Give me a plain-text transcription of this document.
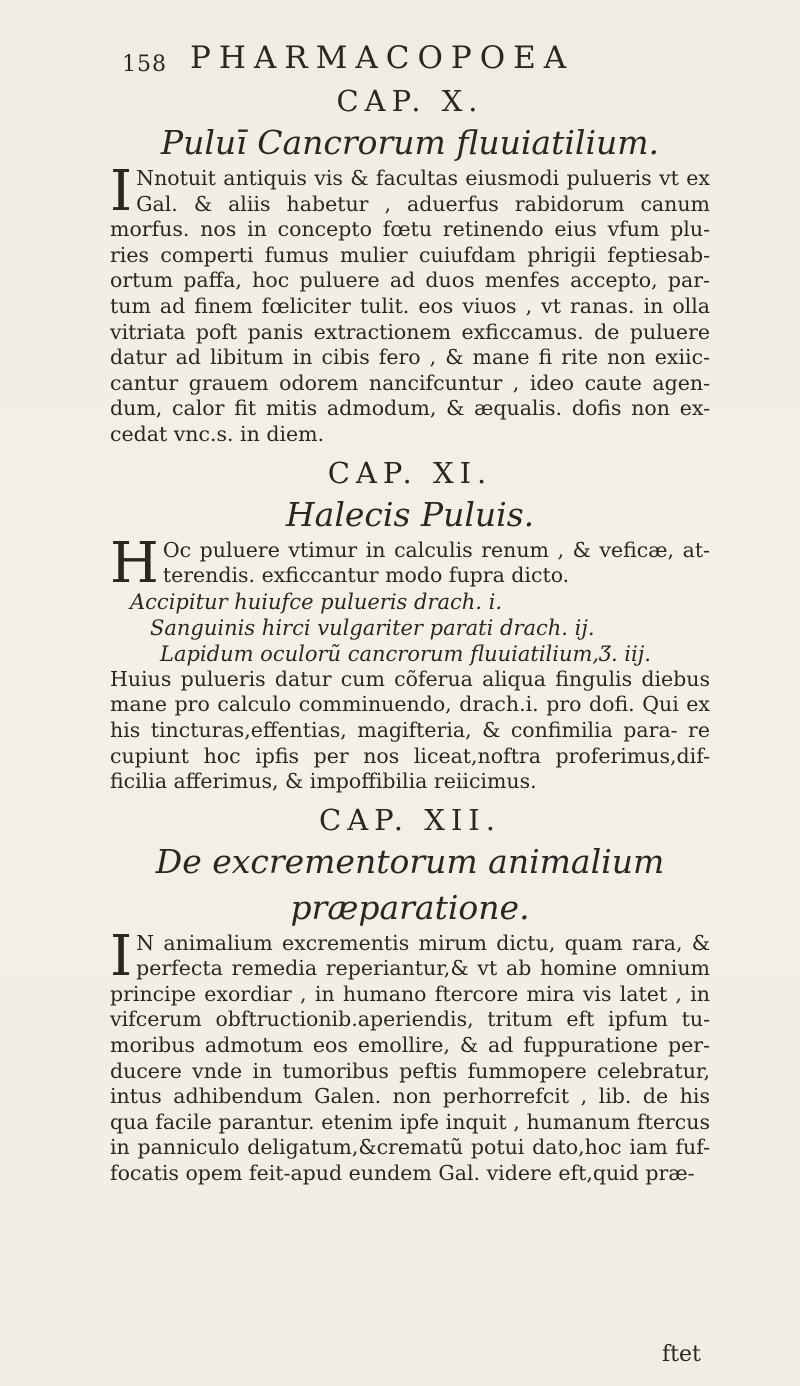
158 PHARMACOPOEA

CAP. X.

Puluī Cancrorum fluuiatilium.

I Nnotuit antiquis vis & facultas eiusmodi pulueris vt ex Gal. & aliis habetur , aduerfus rabidorum canum morfus. nos in concepto fœtu retinendo eius vfum plu- ries comperti fumus mulier cuiufdam phrigii feptiesab- ortum paffa, hoc puluere ad duos menfes accepto, par- tum ad finem fœliciter tulit. eos viuos , vt ranas. in olla vitriata poft panis extractionem exficcamus. de puluere datur ad libitum in cibis fero , & mane fi rite non exiic- cantur grauem odorem nancifcuntur , ideo caute agen- dum, calor fit mitis admodum, & æqualis. dofis non ex- cedat vnc.s. in diem.

CAP. XI.

Halecis Puluis.

H Oc puluere vtimur in calculis renum , & veficæ, at- terendis. exficcantur modo fupra dicto.

Accipitur huiufce pulueris drach. i.

Sanguinis hirci vulgariter parati drach. ij.

Lapidum oculorũ cancrorum fluuiatilium,Ʒ. iij.

Huius pulueris datur cum cõferua aliqua fingulis diebus mane pro calculo comminuendo, drach.i. pro dofi. Qui ex his tincturas,effentias, magifteria, & confimilia para- re cupiunt hoc ipfis per nos liceat,noftra proferimus,dif- ficilia afferimus, & impoffibilia reiicimus.

CAP. XII.

De excrementorum animalium præparatione.

I N animalium excrementis mirum dictu, quam rara, & perfecta remedia reperiantur,& vt ab homine omnium principe exordiar , in humano ftercore mira vis latet , in vifcerum obftructionib.aperiendis, tritum eft ipfum tu- moribus admotum eos emollire, & ad fuppuratione per- ducere vnde in tumoribus peftis fummopere celebratur, intus adhibendum Galen. non perhorrefcit , lib. de his qua facile parantur. etenim ipfe inquit , humanum ftercus in panniculo deligatum,&crematũ potui dato,hoc iam fuf- focatis opem feit-apud eundem Gal. videre eft,quid præ-

ftet
